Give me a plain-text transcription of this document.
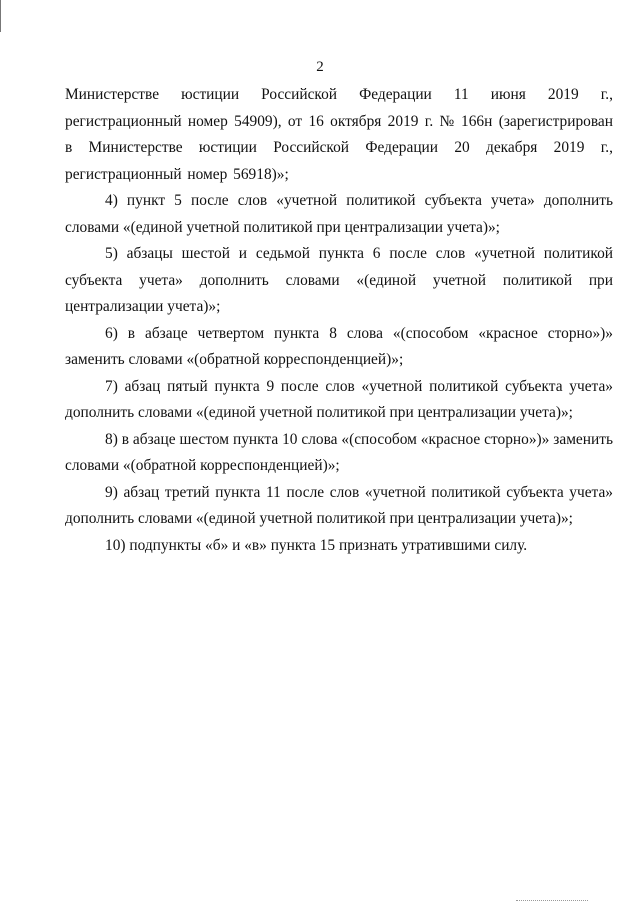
2

Министерстве юстиции Российской Федерации 11 июня 2019 г., регистрационный номер 54909), от 16 октября 2019 г. № 166н (зарегистрирован в Министерстве юстиции Российской Федерации 20 декабря 2019 г., регистрационный номер 56918)»;

4) пункт 5 после слов «учетной политикой субъекта учета» дополнить словами «(единой учетной политикой при централизации учета)»;

5) абзацы шестой и седьмой пункта 6 после слов «учетной политикой субъекта учета» дополнить словами «(единой учетной политикой при централизации учета)»;

6) в абзаце четвертом пункта 8 слова «(способом «красное сторно»)» заменить словами «(обратной корреспонденцией)»;

7) абзац пятый пункта 9 после слов «учетной политикой субъекта учета» дополнить словами «(единой учетной политикой при централизации учета)»;

8) в абзаце шестом пункта 10 слова «(способом «красное сторно»)» заменить словами «(обратной корреспонденцией)»;

9) абзац третий пункта 11 после слов «учетной политикой субъекта учета» дополнить словами «(единой учетной политикой при централизации учета)»;

10) подпункты «б» и «в» пункта 15 признать утратившими силу.
